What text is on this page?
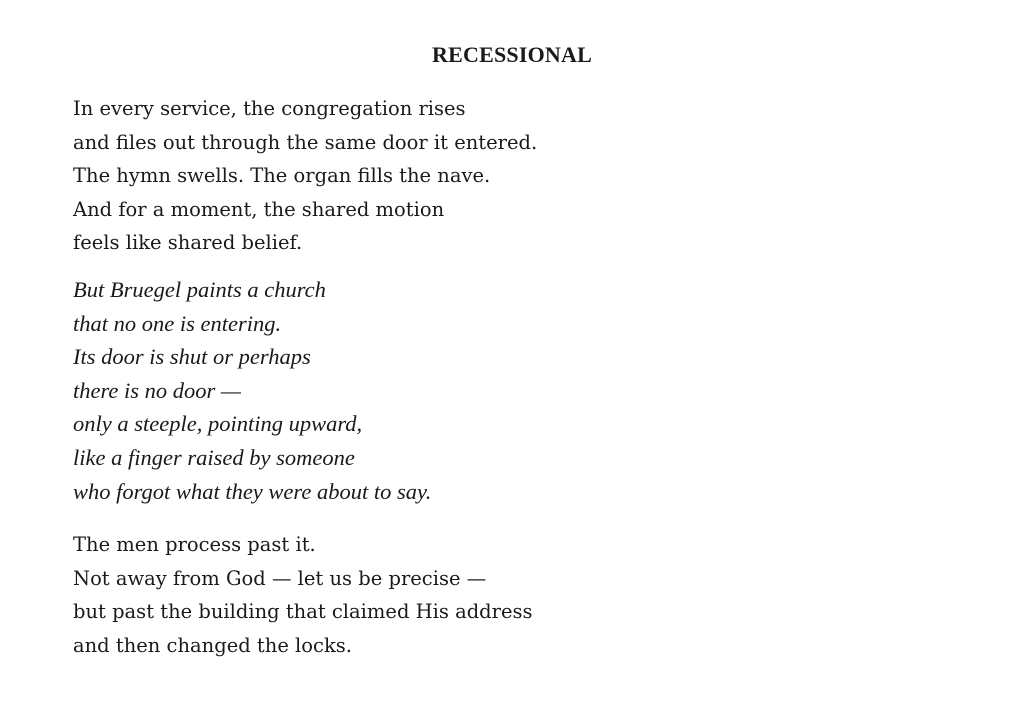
RECESSIONAL
In every service, the congregation rises
and files out through the same door it entered.
The hymn swells. The organ fills the nave.
And for a moment, the shared motion
feels like shared belief.
But Bruegel paints a church
that no one is entering.
Its door is shut or perhaps
there is no door —
only a steeple, pointing upward,
like a finger raised by someone
who forgot what they were about to say.
The men process past it.
Not away from God — let us be precise —
but past the building that claimed His address
and then changed the locks.
